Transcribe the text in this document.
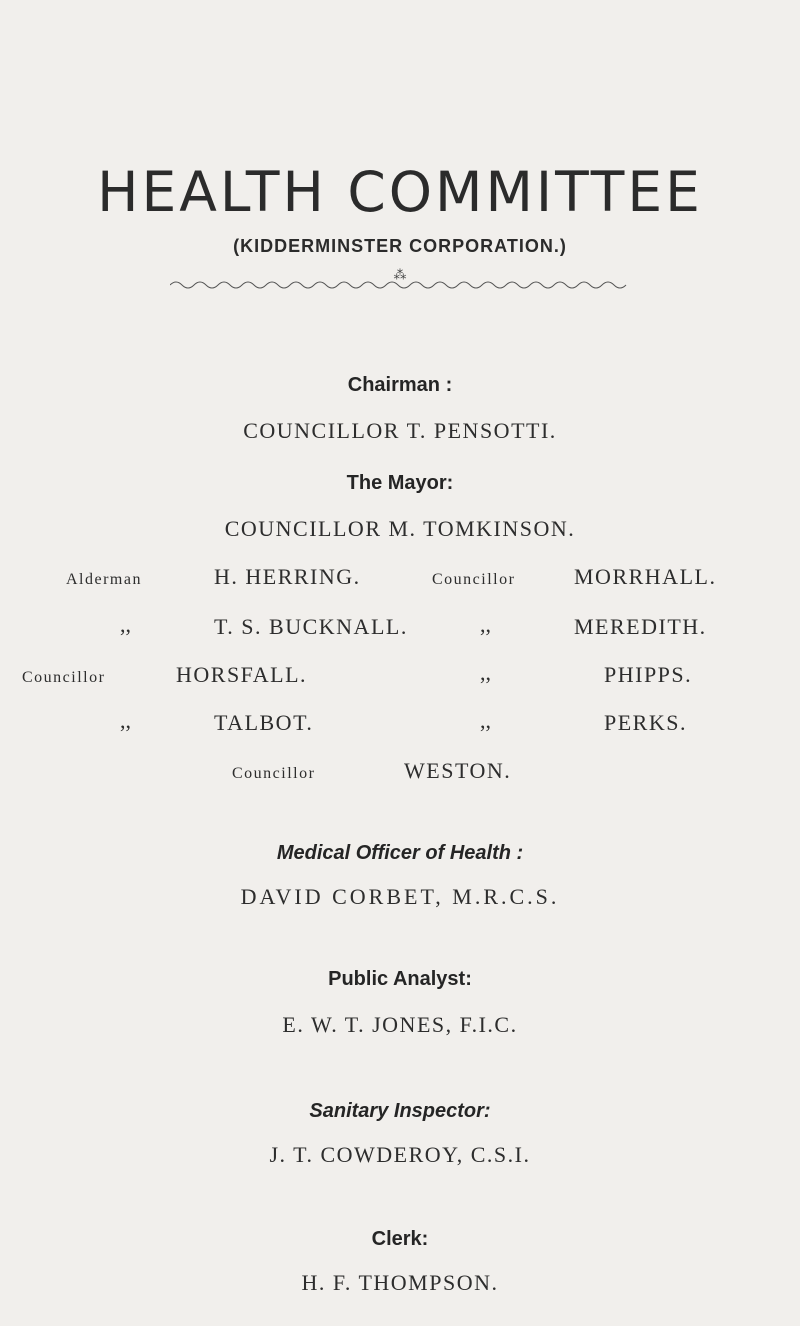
HEALTH COMMITTEE
(KIDDERMINSTER CORPORATION.)
⁂
Chairman :
COUNCILLOR T. PENSOTTI.
The Mayor:
COUNCILLOR M. TOMKINSON.
Alderman	H. HERRING.	Councillor	MORRHALL.
,,	T. S. BUCKNALL.	,,	MEREDITH.
Councillor	HORSFALL.	,,	PHIPPS.
,,	TALBOT.	,,	PERKS.
Councillor	WESTON.
Medical Officer of Health :
DAVID CORBET, M.R.C.S.
Public Analyst:
E. W. T. JONES, F.I.C.
Sanitary Inspector:
J. T. COWDEROY, C.S.I.
Clerk:
H. F. THOMPSON.
